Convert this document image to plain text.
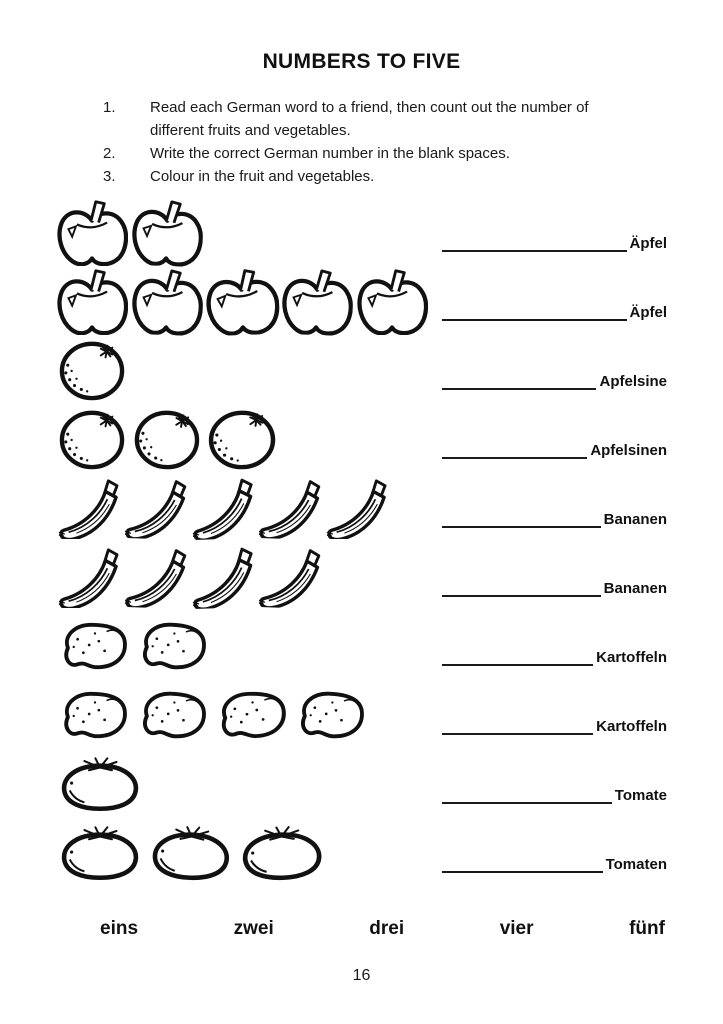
NUMBERS TO FIVE
1.	Read each German word to a friend, then count out the number of different fruits and vegetables.
2.	Write the correct German number in the blank spaces.
3.	Colour in the fruit and vegetables.
Äpfel
Äpfel
Apfelsine
Apfelsinen
Bananen
Bananen
Kartoffeln
Kartoffeln
Tomate
Tomaten
eins	zwei	drei	vier	fünf
16
